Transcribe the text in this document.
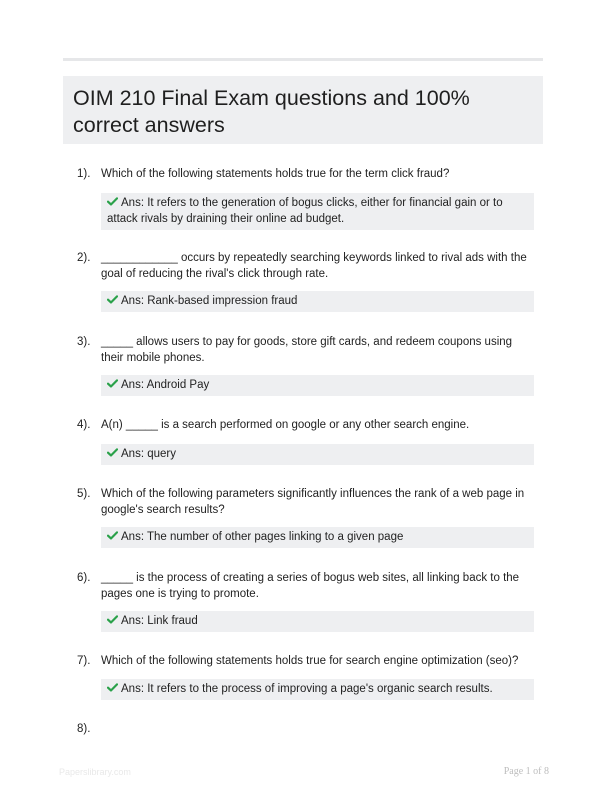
OIM 210 Final Exam questions and 100% correct answers
1). Which of the following statements holds true for the term click fraud?
Ans: It refers to the generation of bogus clicks, either for financial gain or to attack rivals by draining their online ad budget.
2). ____________ occurs by repeatedly searching keywords linked to rival ads with the goal of reducing the rival's click through rate.
Ans: Rank-based impression fraud
3). _____ allows users to pay for goods, store gift cards, and redeem coupons using their mobile phones.
Ans: Android Pay
4). A(n) _____ is a search performed on google or any other search engine.
Ans: query
5). Which of the following parameters significantly influences the rank of a web page in google's search results?
Ans: The number of other pages linking to a given page
6). _____ is the process of creating a series of bogus web sites, all linking back to the pages one is trying to promote.
Ans: Link fraud
7). Which of the following statements holds true for search engine optimization (seo)?
Ans: It refers to the process of improving a page's organic search results.
8).
Paperslibrary.com	Page 1 of 8
